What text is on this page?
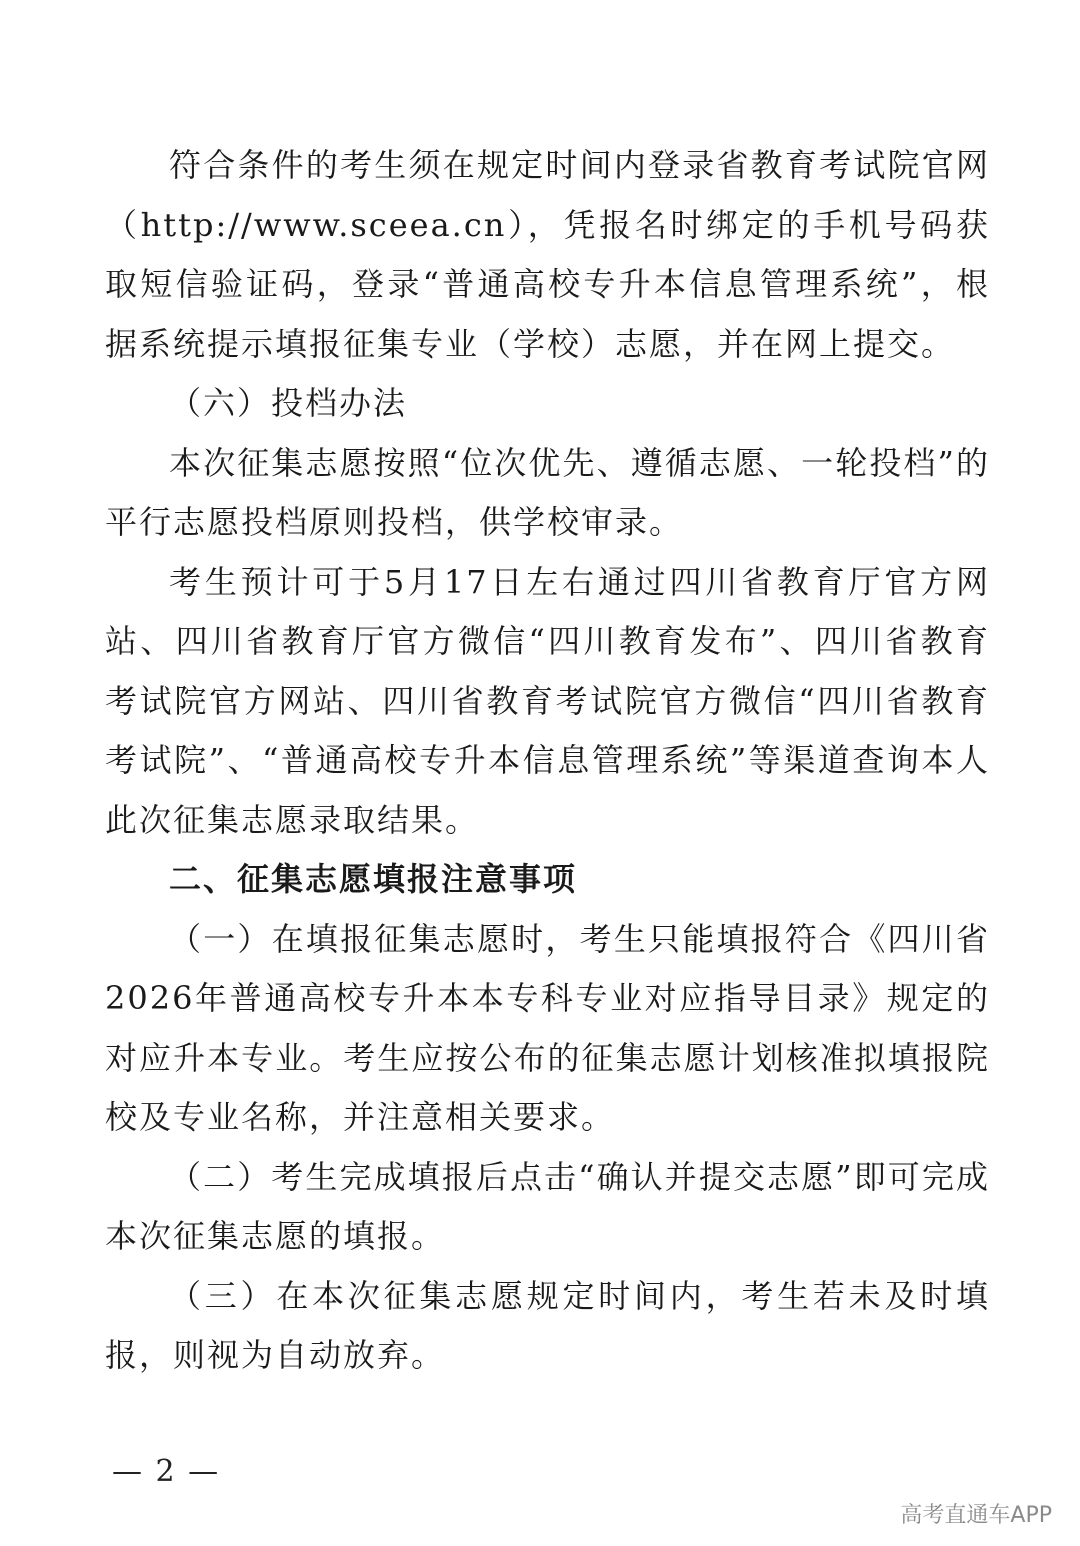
符合条件的考生须在规定时间内登录省教育考试院官网（http://www.sceea.cn），凭报名时绑定的手机号码获取短信验证码，登录“普通高校专升本信息管理系统”，根据系统提示填报征集专业（学校）志愿，并在网上提交。

（六）投档办法

本次征集志愿按照“位次优先、遵循志愿、一轮投档”的平行志愿投档原则投档，供学校审录。

考生预计可于5月17日左右通过四川省教育厅官方网站、四川省教育厅官方微信“四川教育发布”、四川省教育考试院官方网站、四川省教育考试院官方微信“四川省教育考试院”、“普通高校专升本信息管理系统”等渠道查询本人此次征集志愿录取结果。

二、征集志愿填报注意事项

（一）在填报征集志愿时，考生只能填报符合《四川省2026年普通高校专升本本专科专业对应指导目录》规定的对应升本专业。考生应按公布的征集志愿计划核准拟填报院校及专业名称，并注意相关要求。

（二）考生完成填报后点击“确认并提交志愿”即可完成本次征集志愿的填报。

（三）在本次征集志愿规定时间内，考生若未及时填报，则视为自动放弃。

— 2 —
高考直通车APP
